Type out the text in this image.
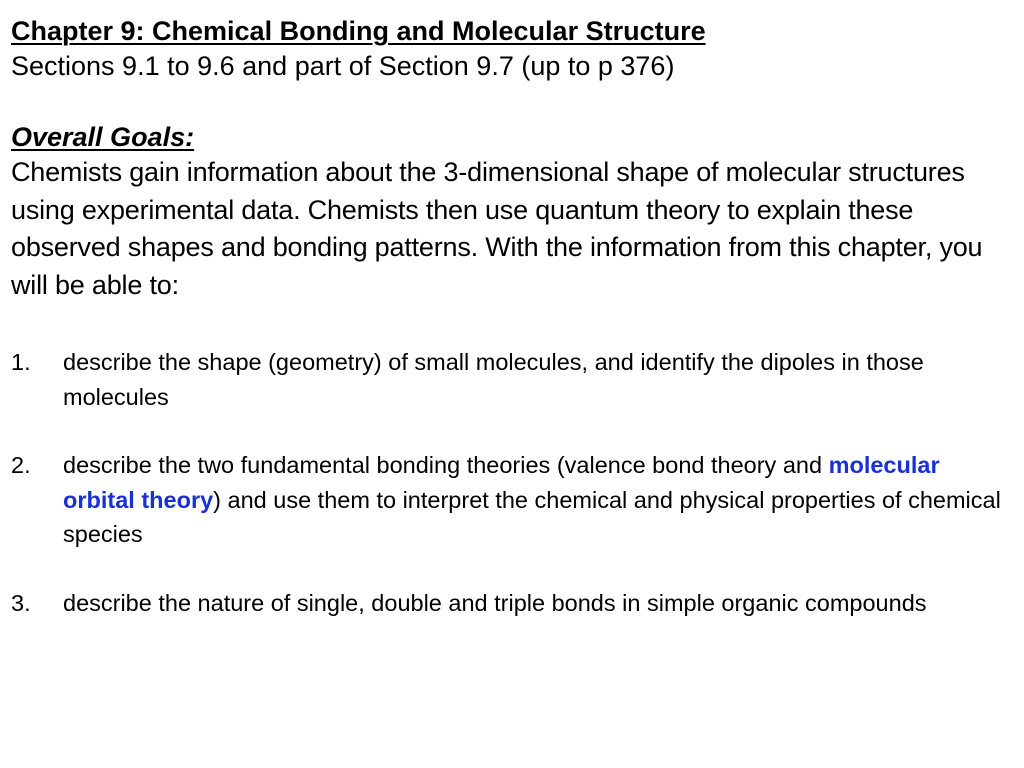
Chapter 9: Chemical Bonding and Molecular Structure

Sections 9.1 to 9.6 and part of Section 9.7 (up to p 376)

Overall Goals:

Chemists gain information about the 3-dimensional shape of molecular structures using experimental data. Chemists then use quantum theory to explain these observed shapes and bonding patterns. With the information from this chapter, you will be able to:

1.	describe the shape (geometry) of small molecules, and identify the dipoles in those molecules
2.	describe the two fundamental bonding theories (valence bond theory and molecular orbital theory) and use them to interpret the chemical and physical properties of chemical species
3.	describe the nature of single, double and triple bonds in simple organic compounds
